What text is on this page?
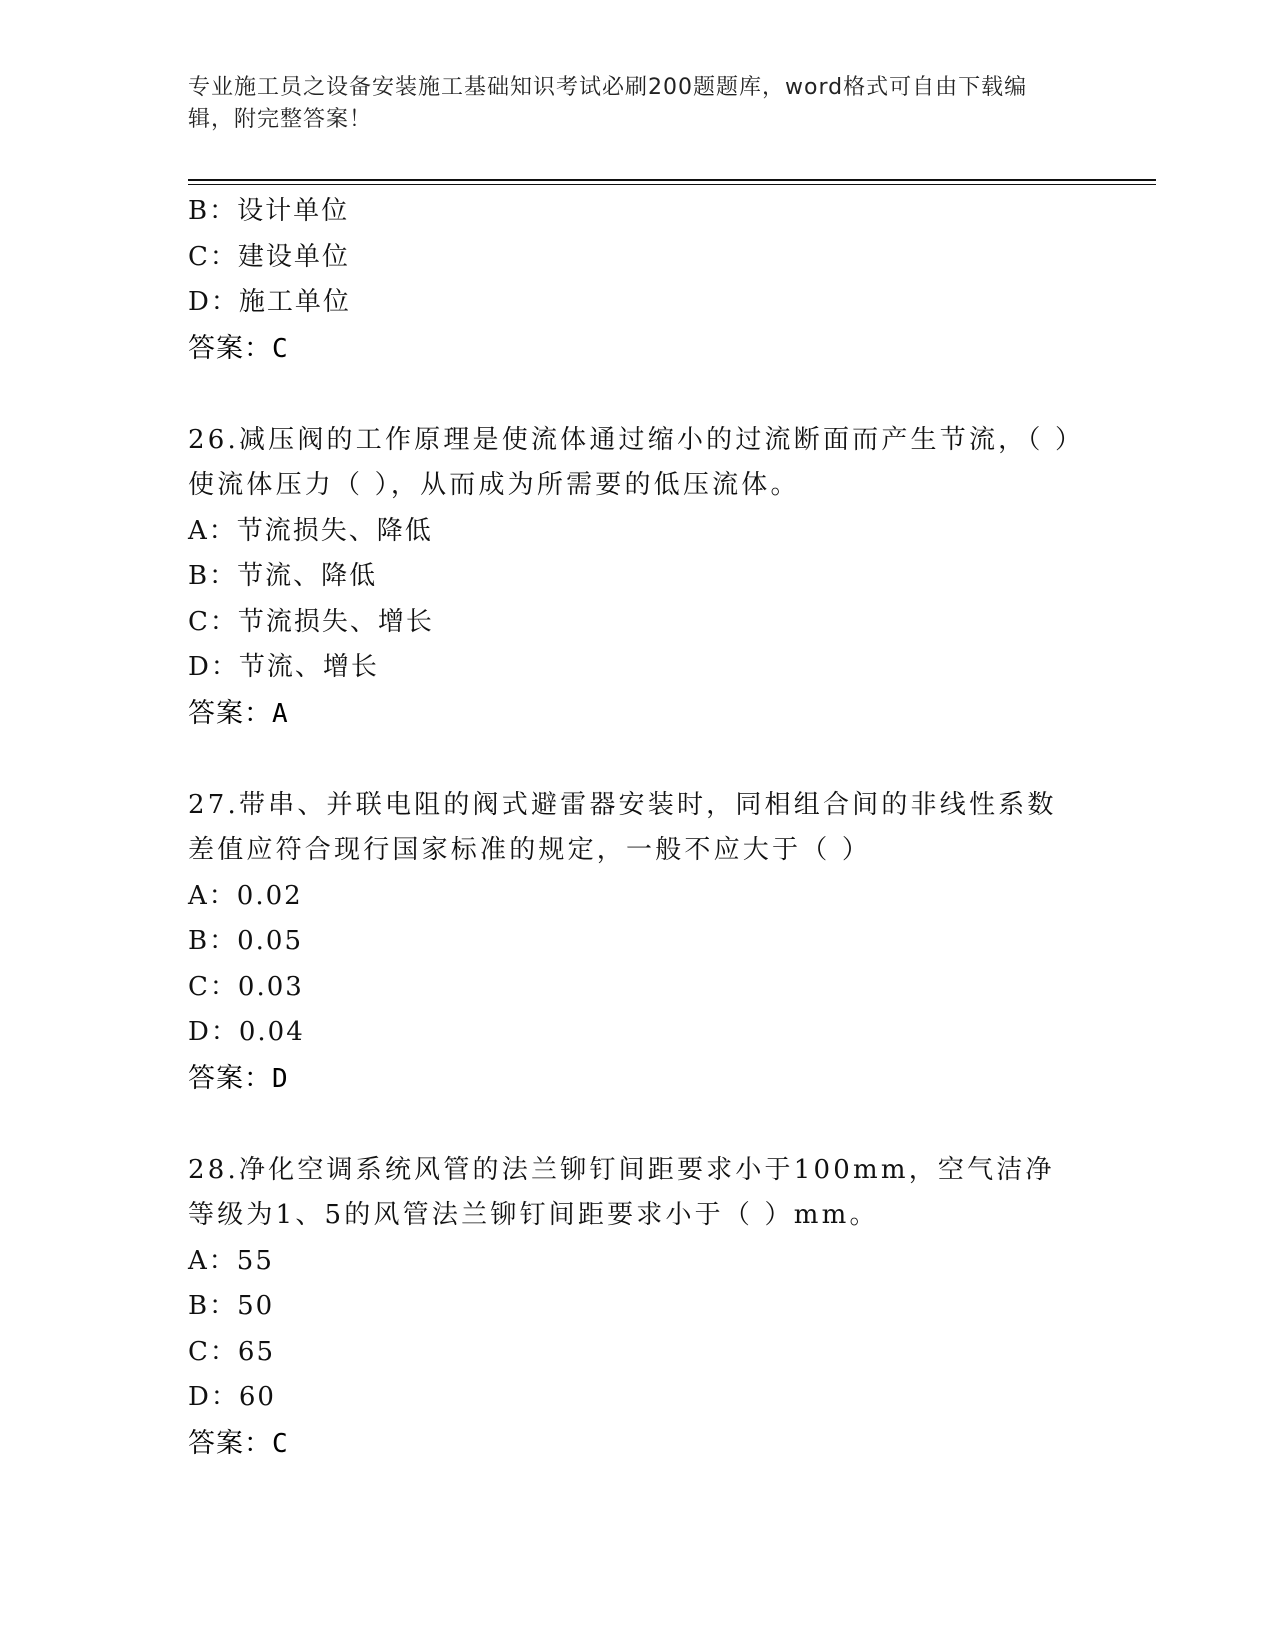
专业施工员之设备安装施工基础知识考试必刷200题题库，word格式可自由下载编辑，附完整答案！
B：设计单位
C：建设单位
D：施工单位
答案：C
26.减压阀的工作原理是使流体通过缩小的过流断面而产生节流，（ ）使流体压力（ ），从而成为所需要的低压流体。
A：节流损失、降低
B：节流、降低
C：节流损失、增长
D：节流、增长
答案：A
27.带串、并联电阻的阀式避雷器安装时，同相组合间的非线性系数差值应符合现行国家标准的规定，一般不应大于（ ）
A：0.02
B：0.05
C：0.03
D：0.04
答案：D
28.净化空调系统风管的法兰铆钉间距要求小于100mm，空气洁净等级为1、5的风管法兰铆钉间距要求小于（ ）mm。
A：55
B：50
C：65
D：60
答案：C
